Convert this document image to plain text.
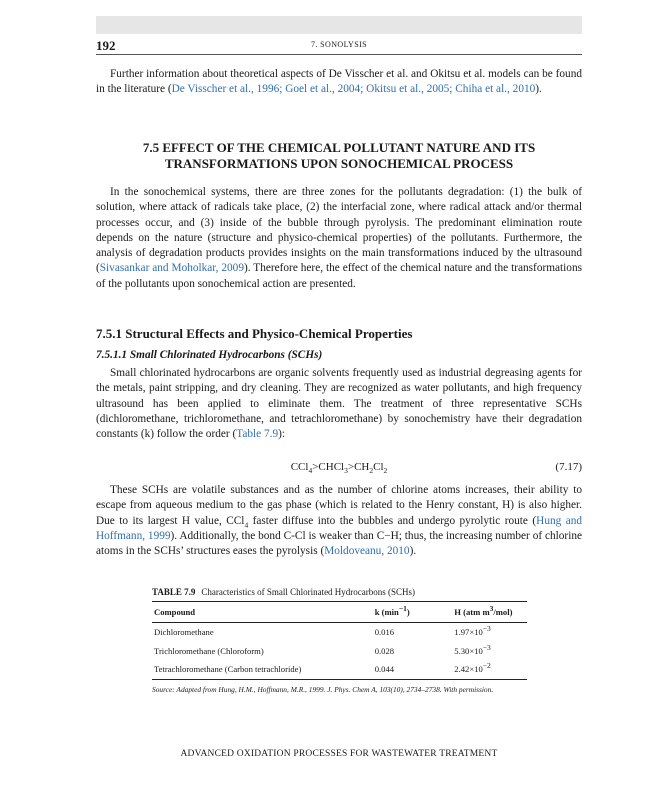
192	7. SONOLYSIS

Further information about theoretical aspects of De Visscher et al. and Okitsu et al. models can be found in the literature (De Visscher et al., 1996; Goel et al., 2004; Okitsu et al., 2005; Chiha et al., 2010).

7.5 EFFECT OF THE CHEMICAL POLLUTANT NATURE AND ITS TRANSFORMATIONS UPON SONOCHEMICAL PROCESS

In the sonochemical systems, there are three zones for the pollutants degradation: (1) the bulk of solution, where attack of radicals take place, (2) the interfacial zone, where radical attack and/or thermal processes occur, and (3) inside of the bubble through pyrolysis. The predominant elimination route depends on the nature (structure and physico-chemical properties) of the pollutants. Furthermore, the analysis of degradation products provides insights on the main transformations induced by the ultrasound (Sivasankar and Moholkar, 2009). Therefore here, the effect of the chemical nature and the transformations of the pollutants upon sonochemical action are presented.

7.5.1 Structural Effects and Physico-Chemical Properties
7.5.1.1 Small Chlorinated Hydrocarbons (SCHs)

Small chlorinated hydrocarbons are organic solvents frequently used as industrial degreasing agents for the metals, paint stripping, and dry cleaning. They are recognized as water pollutants, and high frequency ultrasound has been applied to eliminate them. The treatment of three representative SCHs (dichloromethane, trichloromethane, and tetrachloromethane) by sonochemistry have their degradation constants (k) follow the order (Table 7.9):

$CCl_4>CHCl_3>CH_2Cl_2$	(7.17)

These SCHs are volatile substances and as the number of chlorine atoms increases, their ability to escape from aqueous medium to the gas phase (which is related to the Henry constant, H) is also higher. Due to its largest H value, CCl$_4$ faster diffuse into the bubbles and undergo pyrolytic route (Hung and Hoffmann, 1999). Additionally, the bond C-Cl is weaker than C−H; thus, the increasing number of chlorine atoms in the SCHs’ structures eases the pyrolysis (Moldoveanu, 2010).

TABLE 7.9 Characteristics of Small Chlorinated Hydrocarbons (SCHs)
Compound	k $(\min^{-1})$	H (atm $m^3/mol$)
Dichloromethane	0.016	$1.97\times 10^{-3}$
Trichloromethane (Chloroform)	0.028	$5.30\times 10^{-3}$
Tetrachloromethane (Carbon tetrachloride)	0.044	$2.42\times 10^{-2}$
Source: Adapted from Hung, H.M., Hoffmann, M.R., 1999. J. Phys. Chem A, 103(10), 2734–2738. With permission.
ADVANCED OXIDATION PROCESSES FOR WASTEWATER TREATMENT
